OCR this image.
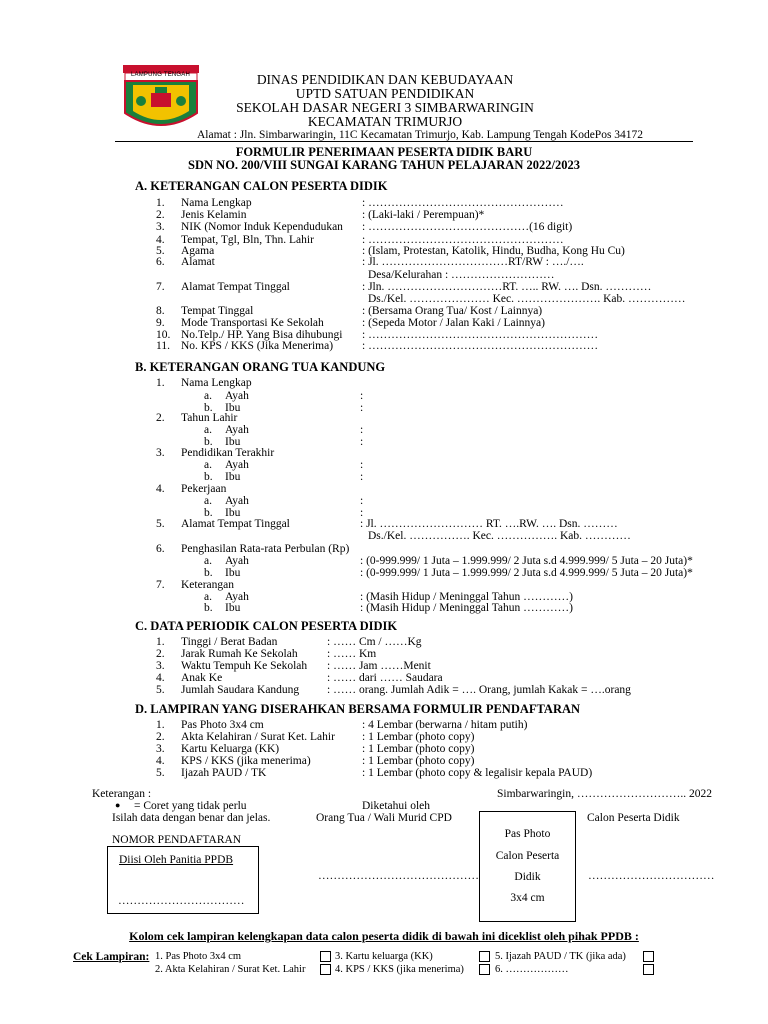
LAMPUNG TENGAH	DINAS PENDIDIKAN DAN KEBUDAYAAN
UPTD SATUAN PENDIDIKAN
SEKOLAH DASAR NEGERI 3 SIMBARWARINGIN
KECAMATAN TRIMURJO
Alamat : Jln. Simbarwaringin, 11C Kecamatan Trimurjo, Kab. Lampung Tengah KodePos 34172
FORMULIR PENERIMAAN PESERTA DIDIK BARU
SDN NO. 200/VIII SUNGAI KARANG TAHUN PELAJARAN 2022/2023
A. KETERANGAN CALON PESERTA DIDIK
1. Nama Lengkap	: ……………………………………………
2. Jenis Kelamin	: (Laki-laki / Perempuan)*
3. NIK (Nomor Induk Kependudukan : ……………………………………(16 digit)
4. Tempat, Tgl, Bln, Thn. Lahir	: ……………………………………………
5. Agama	: (Islam, Protestan, Katolik, Hindu, Budha, Kong Hu Cu)
6. Alamat	: Jl. ……………………………RT/RW : …./….
Desa/Kelurahan : ………………………
7. Alamat Tempat Tinggal	: Jln. …………………………RT. ….. RW. …. Dsn. …………
Ds./Kel. ………………… Kec. …………………. Kab. ……………
8. Tempat Tinggal	: (Bersama Orang Tua/ Kost / Lainnya)
9. Mode Transportasi Ke Sekolah	: (Sepeda Motor / Jalan Kaki / Lainnya)
10. No.Telp./ HP. Yang Bisa dihubungi : ……………………………………………………
11. No. KPS / KKS (Jika Menerima)	: ……………………………………………………
B. KETERANGAN ORANG TUA KANDUNG
1. Nama Lengkap
a. Ayah	:
b. Ibu	:
2. Tahun Lahir
a. Ayah	:
b. Ibu	:
3. Pendidikan Terakhir
a. Ayah	:
b. Ibu	:
4. Pekerjaan
a. Ayah	:
b. Ibu	:
5. Alamat Tempat Tinggal	: Jl. ……………………… RT. ….RW. …. Dsn. ………
Ds./Kel. ……………. Kec. ……………. Kab. …………
6. Penghasilan Rata-rata Perbulan (Rp)
a. Ayah	: (0-999.999/ 1 Juta – 1.999.999/ 2 Juta s.d 4.999.999/ 5 Juta – 20 Juta)*
b. Ibu	: (0-999.999/ 1 Juta – 1.999.999/ 2 Juta s.d 4.999.999/ 5 Juta – 20 Juta)*
7. Keterangan
a. Ayah	: (Masih Hidup / Meninggal Tahun …………)
b. Ibu	: (Masih Hidup / Meninggal Tahun …………)
C. DATA PERIODIK CALON PESERTA DIDIK
1. Tinggi / Berat Badan	: …… Cm / ……Kg
2. Jarak Rumah Ke Sekolah	: …… Km
3. Waktu Tempuh Ke Sekolah : …… Jam ……Menit
4. Anak Ke	: …… dari …… Saudara
5. Jumlah Saudara Kandung : …… orang. Jumlah Adik = …. Orang, jumlah Kakak = ….orang
D. LAMPIRAN YANG DISERAHKAN BERSAMA FORMULIR PENDAFTARAN
1. Pas Photo 3x4 cm	: 4 Lembar (berwarna / hitam putih)
2. Akta Kelahiran / Surat Ket. Lahir : 1 Lembar (photo copy)
3. Kartu Keluarga (KK)	: 1 Lembar (photo copy)
4. KPS / KKS (jika menerima)	: 1 Lembar (photo copy)
5. Ijazah PAUD / TK	: 1 Lembar (photo copy & legalisir kepala PAUD)
Keterangan :
● = Coret yang tidak perlu
Isilah data dengan benar dan jelas.
Simbarwaringin, ……………………….. 2022
Diketahui oleh
Orang Tua / Wali Murid CPD	Calon Peserta Didik
NOMOR PENDAFTARAN
Diisi Oleh Panitia PPDB
……………………………
……………………………………	……………………………
Pas Photo
Calon Peserta
Didik
3x4 cm
Kolom cek lampiran kelengkapan data calon peserta didik di bawah ini diceklist oleh pihak PPDB :
Cek Lampiran: 1. Pas Photo 3x4 cm
2. Akta Kelahiran / Surat Ket. Lahir
3. Kartu keluarga (KK)
4. KPS / KKS (jika menerima)
5. Ijazah PAUD / TK (jika ada)
6. ………………
